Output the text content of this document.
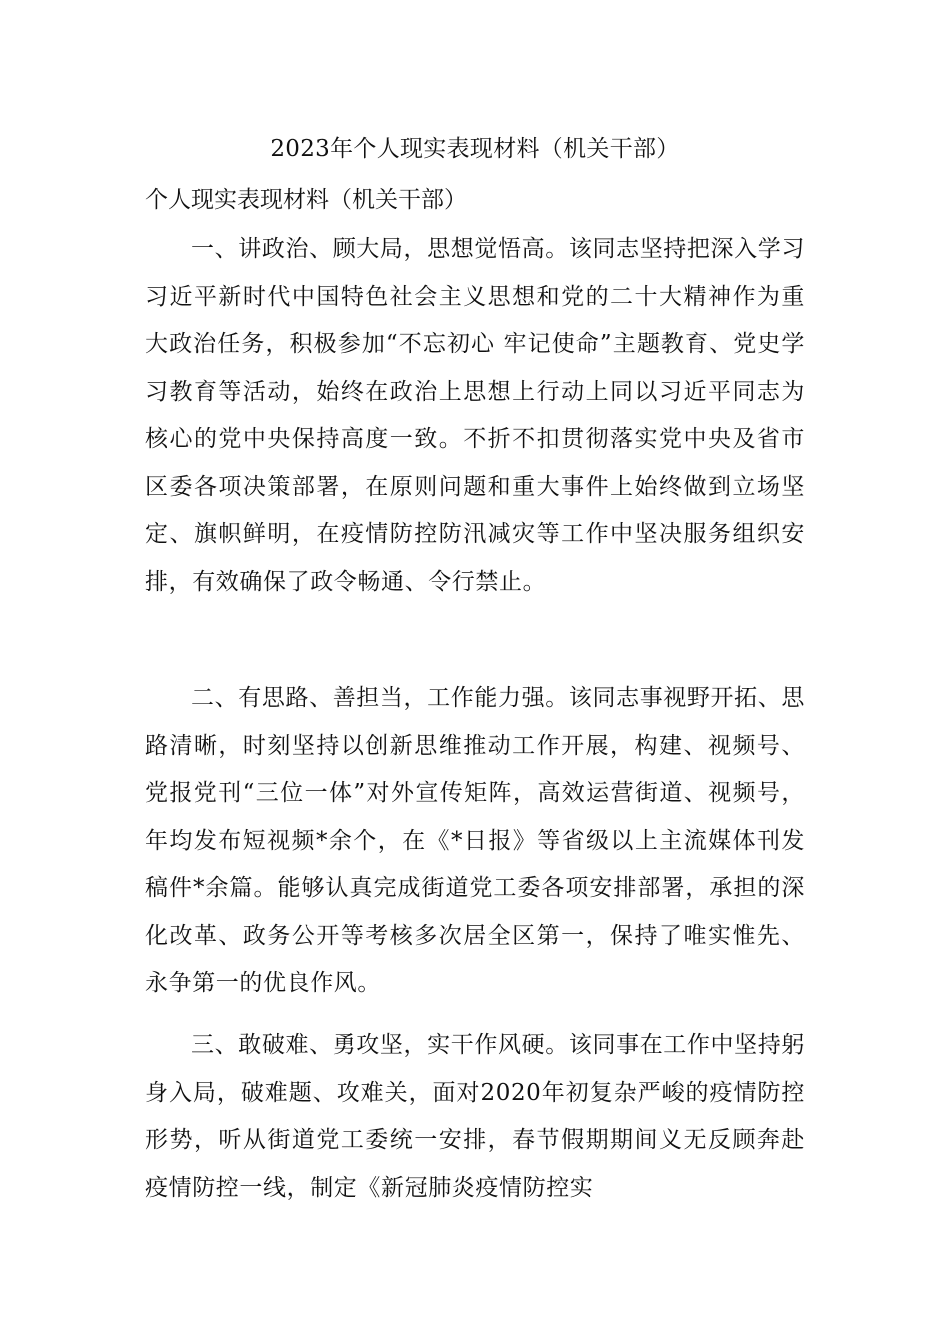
2023年个人现实表现材料（机关干部）
个人现实表现材料（机关干部）

一、讲政治、顾大局，思想觉悟高。该同志坚持把深入学习习近平新时代中国特色社会主义思想和党的二十大精神作为重大政治任务，积极参加“不忘初心 牢记使命”主题教育、党史学习教育等活动，始终在政治上思想上行动上同以习近平同志为核心的党中央保持高度一致。不折不扣贯彻落实党中央及省市区委各项决策部署，在原则问题和重大事件上始终做到立场坚定、旗帜鲜明，在疫情防控防汛减灾等工作中坚决服务组织安排，有效确保了政令畅通、令行禁止。

二、有思路、善担当，工作能力强。该同志事视野开拓、思路清晰，时刻坚持以创新思维推动工作开展，构建、视频号、党报党刊“三位一体”对外宣传矩阵，高效运营街道、视频号，年均发布短视频*余个，在《*日报》等省级以上主流媒体刊发稿件*余篇。能够认真完成街道党工委各项安排部署，承担的深化改革、政务公开等考核多次居全区第一，保持了唯实惟先、永争第一的优良作风。

三、敢破难、勇攻坚，实干作风硬。该同事在工作中坚持躬身入局，破难题、攻难关，面对2020年初复杂严峻的疫情防控形势，听从街道党工委统一安排，春节假期期间义无反顾奔赴疫情防控一线，制定《新冠肺炎疫情防控实
